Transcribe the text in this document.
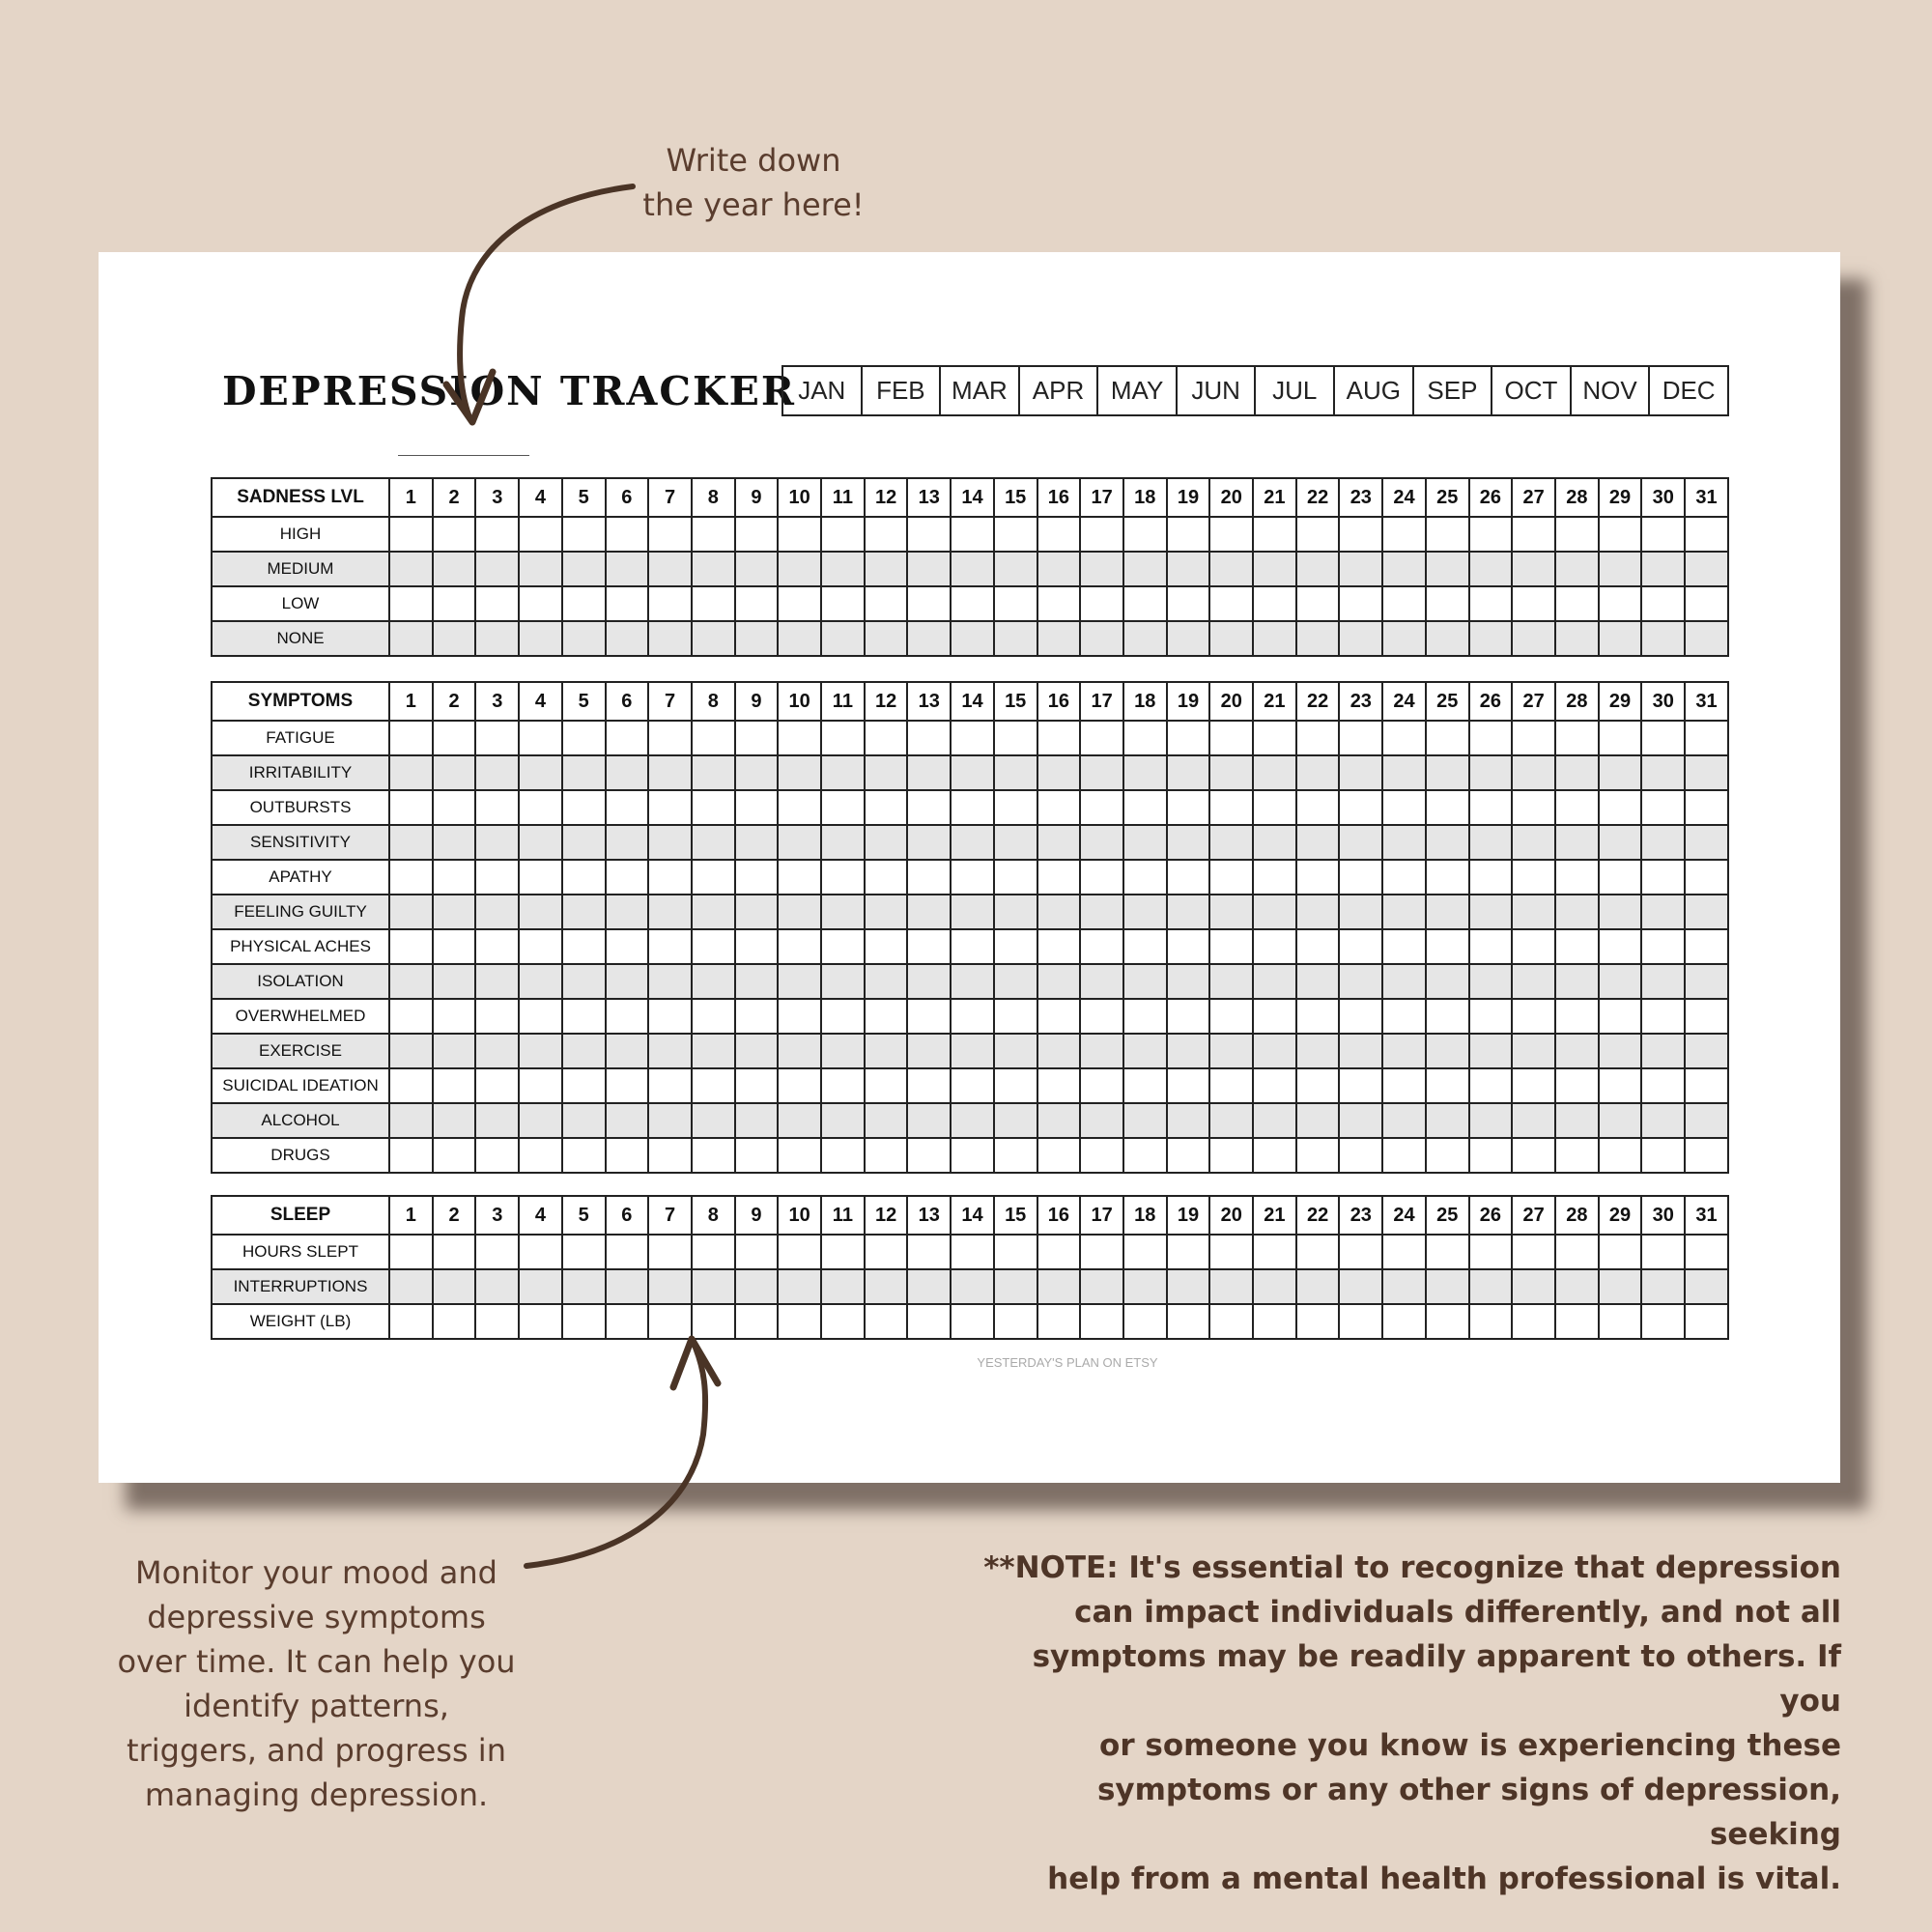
Write down
the year here!
Monitor your mood and
depressive symptoms
over time. It can help you
identify patterns,
triggers, and progress in
managing depression.
**NOTE: It's essential to recognize that depression
can impact individuals differently, and not all
symptoms may be readily apparent to others. If you
or someone you know is experiencing these
symptoms or any other signs of depression, seeking
help from a mental health professional is vital.
DEPRESSION TRACKER JAN	FEB	MAR APR	MAY	JUN	JUL	AUG	SEP	OCT NOV DEC
SADNESS LVL	1	2	3	4	5	6	7	8	9	10	11	12	13	14	15	16	17	18	19	20	21	22	23	24	25	26	27	28	29	30	31
HIGH																															
MEDIUM																															
LOW																															
NONE																															
SYMPTOMS	1	2	3	4	5	6	7	8	9	10	11	12	13	14	15	16	17	18	19	20	21	22	23	24	25	26	27	28	29	30	31
FATIGUE																															
IRRITABILITY																															
OUTBURSTS																															
SENSITIVITY																															
APATHY																															
FEELING GUILTY																															
PHYSICAL ACHES																															
ISOLATION																															
OVERWHELMED																															
EXERCISE																															
SUICIDAL IDEATION																															
ALCOHOL																															
DRUGS																															
SLEEP	1	2	3	4	5	6	7	8	9	10	11	12	13	14	15	16	17	18	19	20	21	22	23	24	25	26	27	28	29	30	31
HOURS SLEPT																															
INTERRUPTIONS																															
WEIGHT (LB)																															
YESTERDAY'S PLAN ON ETSY
